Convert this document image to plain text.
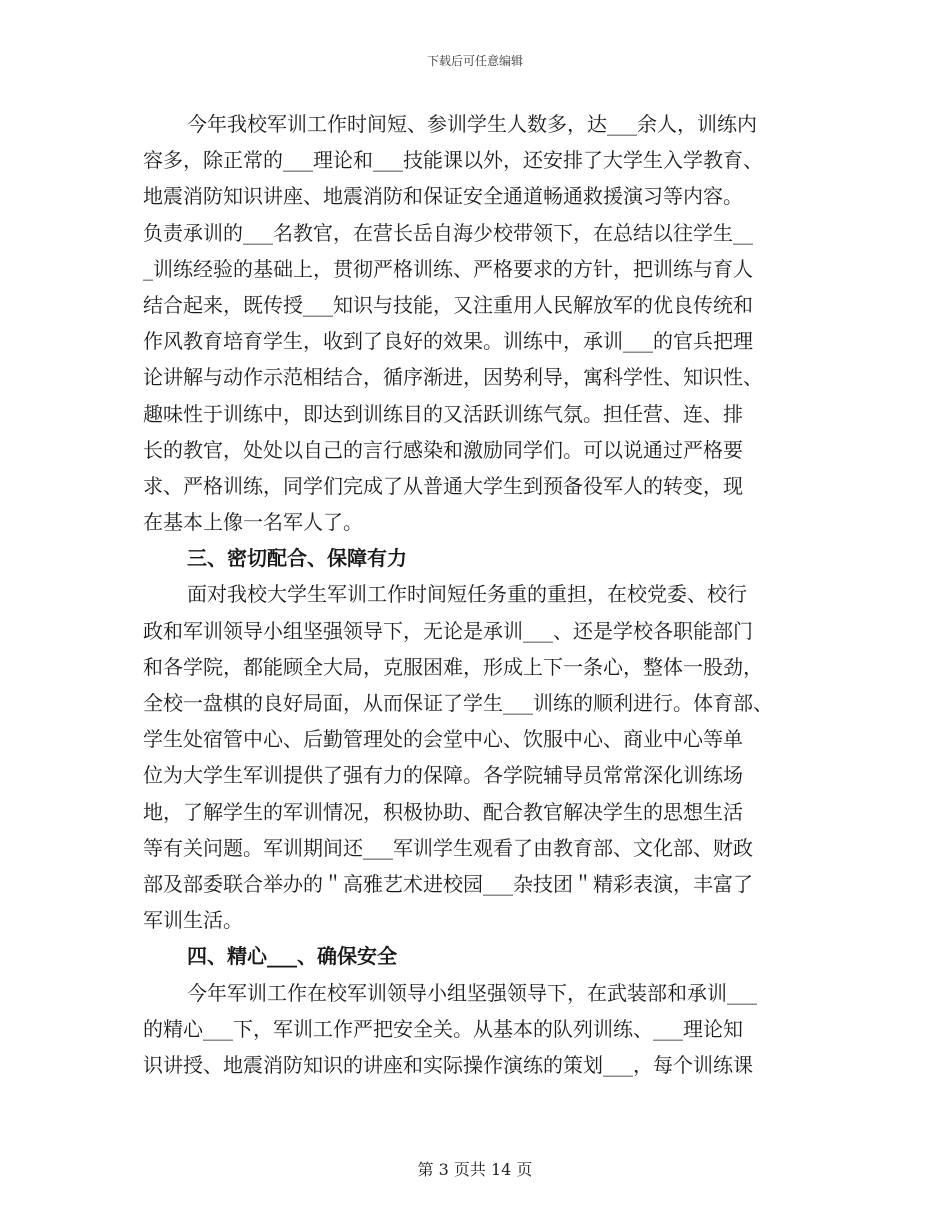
下载后可任意编辑
今年我校军训工作时间短、参训学生人数多，达___余人，训练内
容多，除正常的___理论和___技能课以外，还安排了大学生入学教育、
地震消防知识讲座、地震消防和保证安全通道畅通救援演习等内容。
负责承训的___名教官，在营长岳自海少校带领下，在总结以往学生__
_训练经验的基础上，贯彻严格训练、严格要求的方针，把训练与育人
结合起来，既传授___知识与技能，又注重用人民解放军的优良传统和
作风教育培育学生，收到了良好的效果。训练中，承训___的官兵把理
论讲解与动作示范相结合，循序渐进，因势利导，寓科学性、知识性、
趣味性于训练中，即达到训练目的又活跃训练气氛。担任营、连、排
长的教官，处处以自己的言行感染和激励同学们。可以说通过严格要
求、严格训练，同学们完成了从普通大学生到预备役军人的转变，现
在基本上像一名军人了。
三、密切配合、保障有力
面对我校大学生军训工作时间短任务重的重担，在校党委、校行
政和军训领导小组坚强领导下，无论是承训___、还是学校各职能部门
和各学院，都能顾全大局，克服困难，形成上下一条心，整体一股劲，
全校一盘棋的良好局面，从而保证了学生___训练的顺利进行。体育部、
学生处宿管中心、后勤管理处的会堂中心、饮服中心、商业中心等单
位为大学生军训提供了强有力的保障。各学院辅导员常常深化训练场
地，了解学生的军训情况，积极协助、配合教官解决学生的思想生活
等有关问题。军训期间还___军训学生观看了由教育部、文化部、财政
部及部委联合举办的＂高雅艺术进校园___杂技团＂精彩表演，丰富了
军训生活。
四、精心___、确保安全
今年军训工作在校军训领导小组坚强领导下，在武装部和承训___
的精心___下，军训工作严把安全关。从基本的队列训练、___理论知
识讲授、地震消防知识的讲座和实际操作演练的策划___，每个训练课
第 3 页共 14 页
